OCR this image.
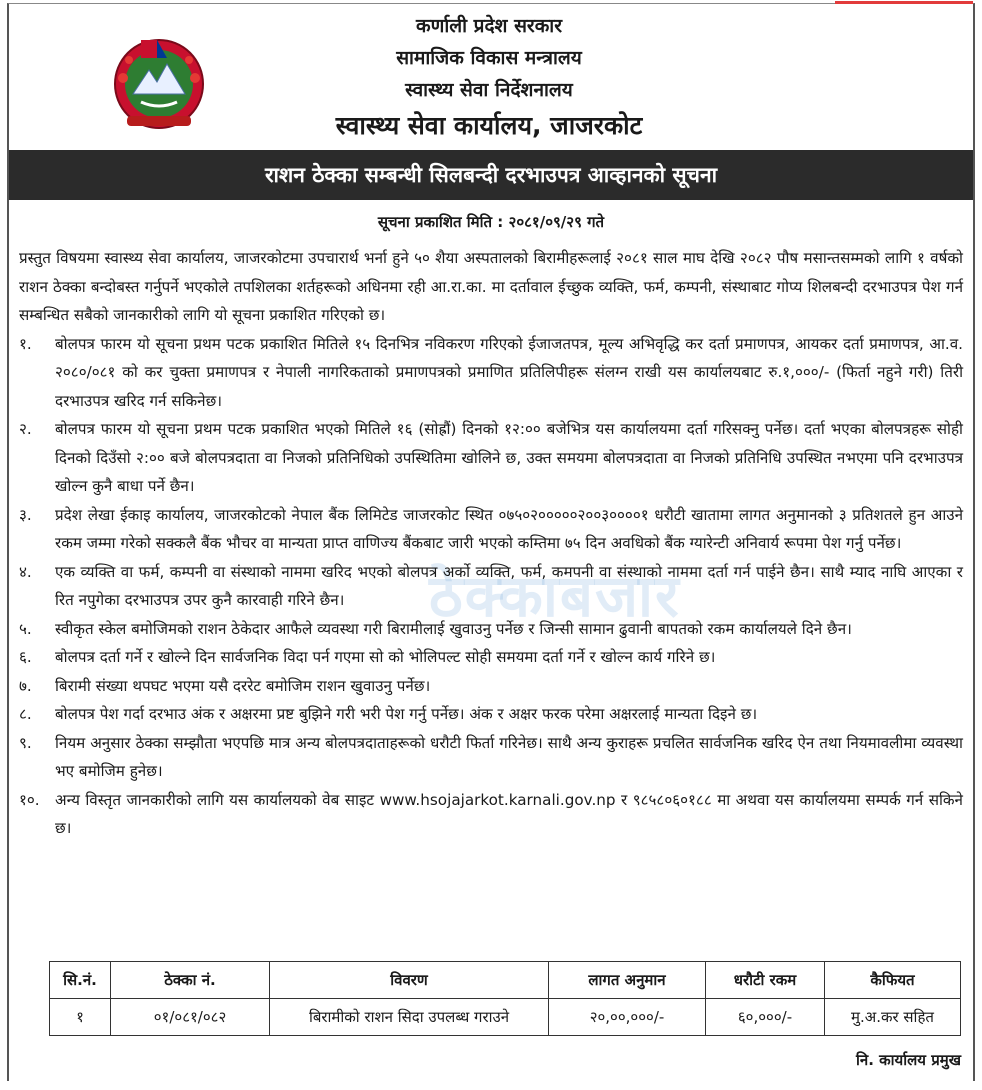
कर्णाली प्रदेश सरकार
सामाजिक विकास मन्त्रालय
स्वास्थ्य सेवा निर्देशनालय
स्वास्थ्य सेवा कार्यालय, जाजरकोट
राशन ठेक्का सम्बन्धी सिलबन्दी दरभाउपत्र आव्हानको सूचना
सूचना प्रकाशित मिति : २०८१/०९/२९ गते
ठेक्काबजार

प्रस्तुत विषयमा स्वास्थ्य सेवा कार्यालय, जाजरकोटमा उपचारार्थ भर्ना हुने ५० शैया अस्पतालको बिरामीहरूलाई २०८१ साल माघ देखि २०८२ पौष मसान्तसम्मको लागि १ वर्षको राशन ठेक्का बन्दोबस्त गर्नुपर्ने भएकोले तपशिलका शर्तहरूको अधिनमा रही आ.रा.का. मा दर्तावाल ईच्छुक व्यक्ति, फर्म, कम्पनी, संस्थाबाट गोप्य शिलबन्दी दरभाउपत्र पेश गर्न सम्बन्धित सबैको जानकारीको लागि यो सूचना प्रकाशित गरिएको छ।

१.	बोलपत्र फारम यो सूचना प्रथम पटक प्रकाशित मितिले १५ दिनभित्र नविकरण गरिएको ईजाजतपत्र, मूल्य अभिवृद्धि कर दर्ता प्रमाणपत्र, आयकर दर्ता प्रमाणपत्र, आ.व. २०८०/०८१ को कर चुक्ता प्रमाणपत्र र नेपाली नागरिकताको प्रमाणपत्रको प्रमाणित प्रतिलिपीहरू संलग्न राखी यस कार्यालयबाट रु.१,०००/- (फिर्ता नहुने गरी) तिरी दरभाउपत्र खरिद गर्न सकिनेछ।
२.	बोलपत्र फारम यो सूचना प्रथम पटक प्रकाशित भएको मितिले १६ (सोह्रौं) दिनको १२:०० बजेभित्र यस कार्यालयमा दर्ता गरिसक्नु पर्नेछ। दर्ता भएका बोलपत्रहरू सोही दिनको दिउँसो २:०० बजे बोलपत्रदाता वा निजको प्रतिनिधिको उपस्थितिमा खोलिने छ, उक्त समयमा बोलपत्रदाता वा निजको प्रतिनिधि उपस्थित नभएमा पनि दरभाउपत्र खोल्न कुनै बाधा पर्ने छैन।
३.	प्रदेश लेखा ईकाइ कार्यालय, जाजरकोटको नेपाल बैंक लिमिटेड जाजरकोट स्थित ०७५०२०००००२००३००००१ धरौटी खातामा लागत अनुमानको ३ प्रतिशतले हुन आउने रकम जम्मा गरेको सक्कलै बैंक भौचर वा मान्यता प्राप्त वाणिज्य बैंकबाट जारी भएको कम्तिमा ७५ दिन अवधिको बैंक ग्यारेन्टी अनिवार्य रूपमा पेश गर्नु पर्नेछ।
४.	एक व्यक्ति वा फर्म, कम्पनी वा संस्थाको नाममा खरिद भएको बोलपत्र अर्को व्यक्ति, फर्म, कमपनी वा संस्थाको नाममा दर्ता गर्न पाईने छैन। साथै म्याद नाघि आएका र रित नपुगेका दरभाउपत्र उपर कुनै कारवाही गरिने छैन।
५.	स्वीकृत स्केल बमोजिमको राशन ठेकेदार आफैले व्यवस्था गरी बिरामीलाई खुवाउनु पर्नेछ र जिन्सी सामान ढुवानी बापतको रकम कार्यालयले दिने छैन।
६.	बोलपत्र दर्ता गर्ने र खोल्ने दिन सार्वजनिक विदा पर्न गएमा सो को भोलिपल्ट सोही समयमा दर्ता गर्ने र खोल्न कार्य गरिने छ।
७.	बिरामी संख्या थपघट भएमा यसै दररेट बमोजिम राशन खुवाउनु पर्नेछ।
८.	बोलपत्र पेश गर्दा दरभाउ अंक र अक्षरमा प्रष्ट बुझिने गरी भरी पेश गर्नु पर्नेछ। अंक र अक्षर फरक परेमा अक्षरलाई मान्यता दिइने छ।
९.	नियम अनुसार ठेक्का सम्झौता भएपछि मात्र अन्य बोलपत्रदाताहरूको धरौटी फिर्ता गरिनेछ। साथै अन्य कुराहरू प्रचलित सार्वजनिक खरिद ऐन तथा नियमावलीमा व्यवस्था भए बमोजिम हुनेछ।
१०.	अन्य विस्तृत जानकारीको लागि यस कार्यालयको वेब साइट www.hsojajarkot.karnali.gov.np र ९८५८०६०१८८ मा अथवा यस कार्यालयमा सम्पर्क गर्न सकिने छ।
सि.नं.	ठेक्का नं.	विवरण	लागत अनुमान	धरौटी रकम	कैफियत
१	०१/०८१/०८२	बिरामीको राशन सिदा उपलब्ध गराउने	२०,००,०००/-	६०,०००/-	मु.अ.कर सहित
नि. कार्यालय प्रमुख
